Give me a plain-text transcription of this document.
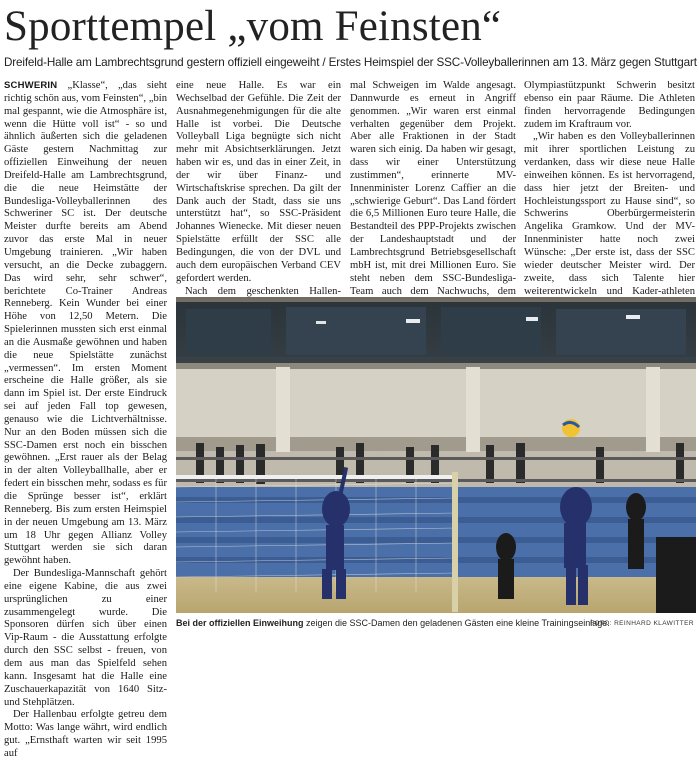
Sporttempel „vom Feinsten“
Dreifeld-Halle am Lambrechtsgrund gestern offiziell eingeweiht / Erstes Heimspiel der SSC-Volleyballerinnen am 13. März gegen Stuttgart

SCHWERIN „Klasse“, „das sieht richtig schön aus, vom Feinsten“, „bin mal gespannt, wie die Atmosphäre ist, wenn die Hütte voll ist“ - so und ähnlich äußerten sich die geladenen Gäste gestern Nachmittag zur offiziellen Einweihung der neuen Dreifeld-Halle am Lambrechtsgrund, die die neue Heimstätte der Bundesliga-Volleyballerinnen des Schweriner SC ist. Der deutsche Meister durfte bereits am Abend zuvor das erste Mal in neuer Umgebung trainieren. „Wir haben versucht, an die Decke zubaggern. Das wird sehr, sehr schwer“, berichtete Co-Trainer Andreas Renneberg. Kein Wunder bei einer Höhe von 12,50 Metern. Die Spielerinnen mussten sich erst einmal an die Ausmaße gewöhnen und haben die neue Spielstätte zunächst „vermessen“. Im ersten Moment erscheine die Halle größer, als sie dann im Spiel ist. Der erste Eindruck sei auf jeden Fall top gewesen, genauso wie die Lichtverhältnisse. Nur an den Boden müssen sich die SSC-Damen erst noch ein bisschen gewöhnen. „Erst rauer als der Belag in der alten Volleyballhalle, aber er federt ein bisschen mehr, sodass es für die Sprünge besser ist“, erklärt Renneberg. Bis zum ersten Heimspiel in der neuen Umgebung am 13. März um 18 Uhr gegen Allianz Volley Stuttgart werden sie sich daran gewöhnt haben.

Der Bundesliga-Mannschaft gehört eine eigene Kabine, die aus zwei ursprünglichen zu einer zusammengelegt wurde. Die Sponsoren dürfen sich über einen Vip-Raum - die Ausstattung erfolgte durch den SSC selbst - freuen, von dem aus man das Spielfeld sehen kann. Insgesamt hat die Halle eine Zuschauerkapazität von 1640 Sitz- und Stehplätzen.

Der Hallenbau erfolgte getreu dem Motto: Was lange währt, wird endlich gut. „Ernsthaft warten wir seit 1995 auf

eine neue Halle. Es war ein Wechselbad der Gefühle. Die Zeit der Ausnahmegenehmigungen für die alte Halle ist vorbei. Die Deutsche Volleyball Liga begnügte sich nicht mehr mit Absichtserklärungen. Jetzt haben wir es, und das in einer Zeit, in der wir über Finanz- und Wirtschaftskrise sprechen. Da gilt der Dank auch der Stadt, dass sie uns unterstützt hat“, so SSC-Präsident Johannes Wienecke. Mit dieser neuen Spielstätte erfüllt der SSC alle Bedingungen, die von der DVL und auch dem europäischen Verband CEV gefordert werden.

Nach dem geschenkten Hallen-

mal Schweigen im Walde angesagt. Dannwurde es erneut in Angriff genommen. „Wir waren erst einmal verhalten gegenüber dem Projekt. Aber alle Fraktionen in der Stadt waren sich einig. Da haben wir gesagt, dass wir einer Unterstützung zustimmen“, erinnerte MV-Innenminister Lorenz Caffier an die „schwierige Geburt“. Das Land fördert die 6,5 Millionen Euro teure Halle, die Bestandteil des PPP-Projekts zwischen der Landeshauptstadt und der Lambrechtsgrund Betriebsgesellschaft mbH ist, mit drei Millionen Euro. Sie steht neben dem SSC-Bundesliga-Team auch dem Nachwuchs, dem

Olympiastützpunkt Schwerin besitzt ebenso ein paar Räume. Die Athleten finden hervorragende Bedingungen zudem im Kraftraum vor.

„Wir haben es den Volleyballerinnen mit ihrer sportlichen Leistung zu verdanken, dass wir diese neue Halle einweihen können. Es ist hervorragend, dass hier jetzt der Breiten- und Hochleistungssport zu Hause sind“, so Schwerins Oberbürgermeisterin Angelika Gramkow. Und der MV-Innenminister hatte noch zwei Wünsche: „Der erste ist, dass der SSC wieder deutscher Meister wird. Der zweite, dass sich Talente hier weiterentwickeln und Kader-athleten

Bei der offiziellen Einweihung zeigen die SSC-Damen den geladenen Gästen eine kleine Trainingseinlage.
FOTO: REINHARD KLAWITTER
